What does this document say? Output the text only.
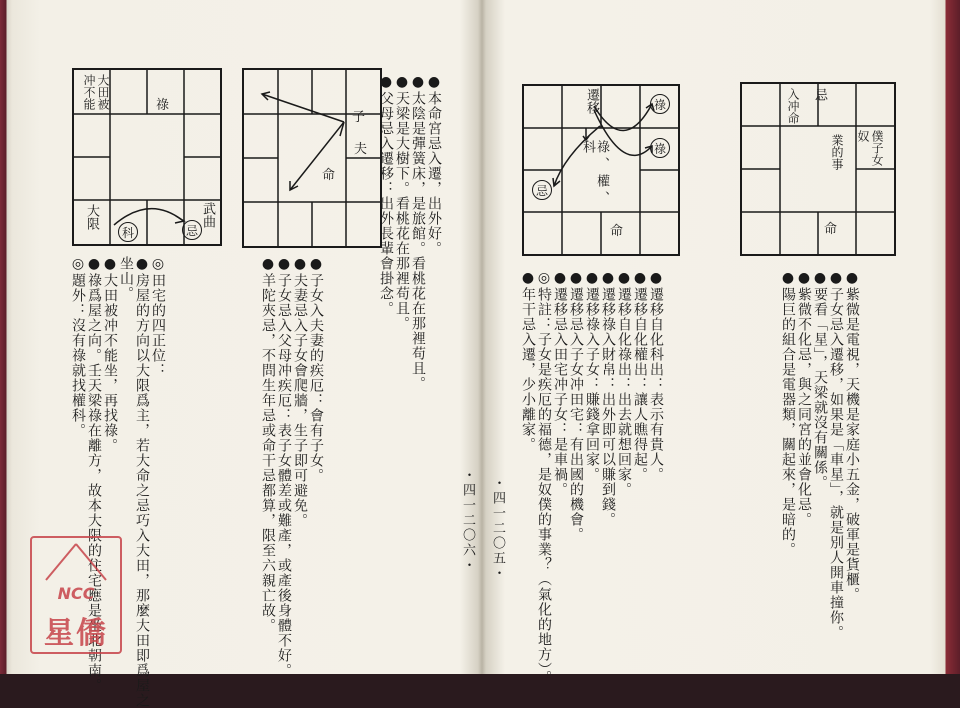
大田被冲不能	祿
大限
科	忌
武曲
子
夫
命	●本命宮忌入遷，出外好。
●太陰是彈簧床，是旅館。看桃花在那裡苟且。
●天梁是大樹下。看桃花在那裡苟且。
●父母忌入遷移：出外長輩會掛念。
●子女入夫妻的疾厄：會有子女。
●夫妻忌入子女會爬牆，生子即可避免。
●子女忌入父母冲疾厄：表子女體差或難產，或產後身體不好。
●羊陀夾忌，不問生年忌或命干忌都算，限至六親亡故。
◎田宅的四正位：
●房屋的方向以大限爲主，若大命之忌巧入大田，那麼大田即爲屋之
坐山。
●大田被冲不能坐，再找祿。
●祿爲屋之向。壬天梁祿在離方，故本大限的住宅應是坐北朝南。
◎題外：沒有祿就找權科。
・四一二〇六・
遷移	祿
祿
忌	祿、權、科
命
忌
入冲命
僕子女奴
業的事
命
●遷移自化科出：表示有貴人。
●遷移自化權出：讓人瞧得起。
●遷移自化祿出：出去就想回家。
●遷移祿入財帛：出外即可以賺到錢。
●遷移祿入子女：賺錢拿回家。
●遷移忌入子女冲田宅：有出國的機會。
●遷移忌入田宅冲子女：是車禍。
◎特註：子女是疾厄的福德，是奴僕的事業？（氣化的地方）。
●年干忌入遷，少小離家。	●紫微是電視，天機是家庭小五金，破軍是貨櫃。
●子女忌入遷移，如果是「車星」，就是別人開車撞你。
●要看「星」，天梁就沒有關係。
●紫微不化忌，與之同宮的並會化忌。
●陽巨的組合是電器類，關起來，是暗的。
・四一二〇五・
NCC
星僑
